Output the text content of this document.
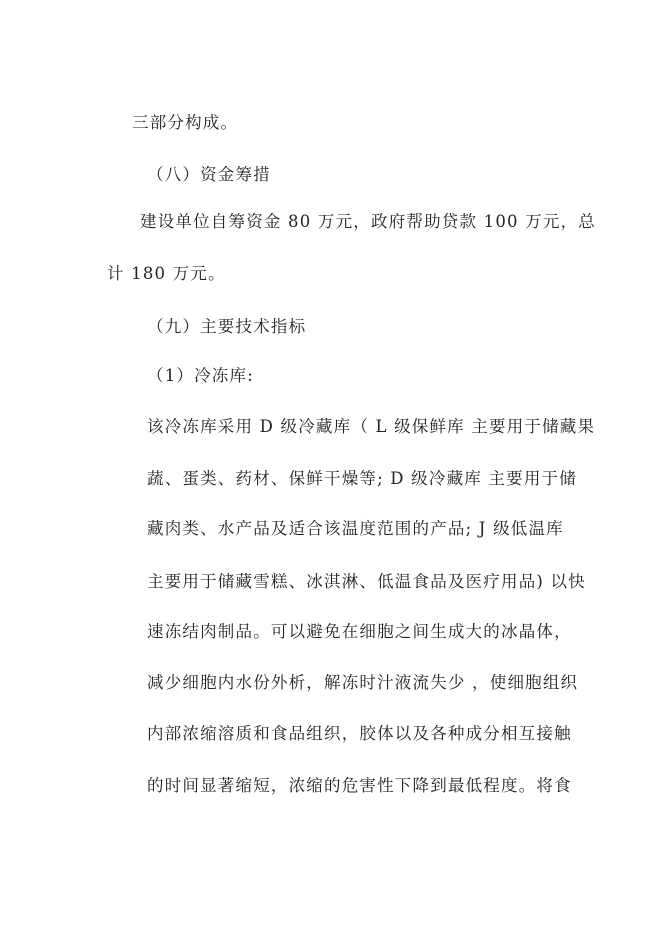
三部分构成。
（八）资金筹措
建设单位自筹资金 80 万元，政府帮助贷款 100 万元，总
计 180 万元。
（九）主要技术指标
（1）冷冻库:
该冷冻库采用 D 级冷藏库（ L 级保鲜库 主要用于储藏果
蔬、蛋类、药材、保鲜干燥等; D 级冷藏库 主要用于储
藏肉类、水产品及适合该温度范围的产品; J 级低温库
主要用于储藏雪糕、冰淇淋、低温食品及医疗用品) 以快
速冻结肉制品。可以避免在细胞之间生成大的冰晶体，
减少细胞内水份外析，解冻时汁液流失少 ，使细胞组织
内部浓缩溶质和食品组织，胶体以及各种成分相互接触
的时间显著缩短，浓缩的危害性下降到最低程度。将食
